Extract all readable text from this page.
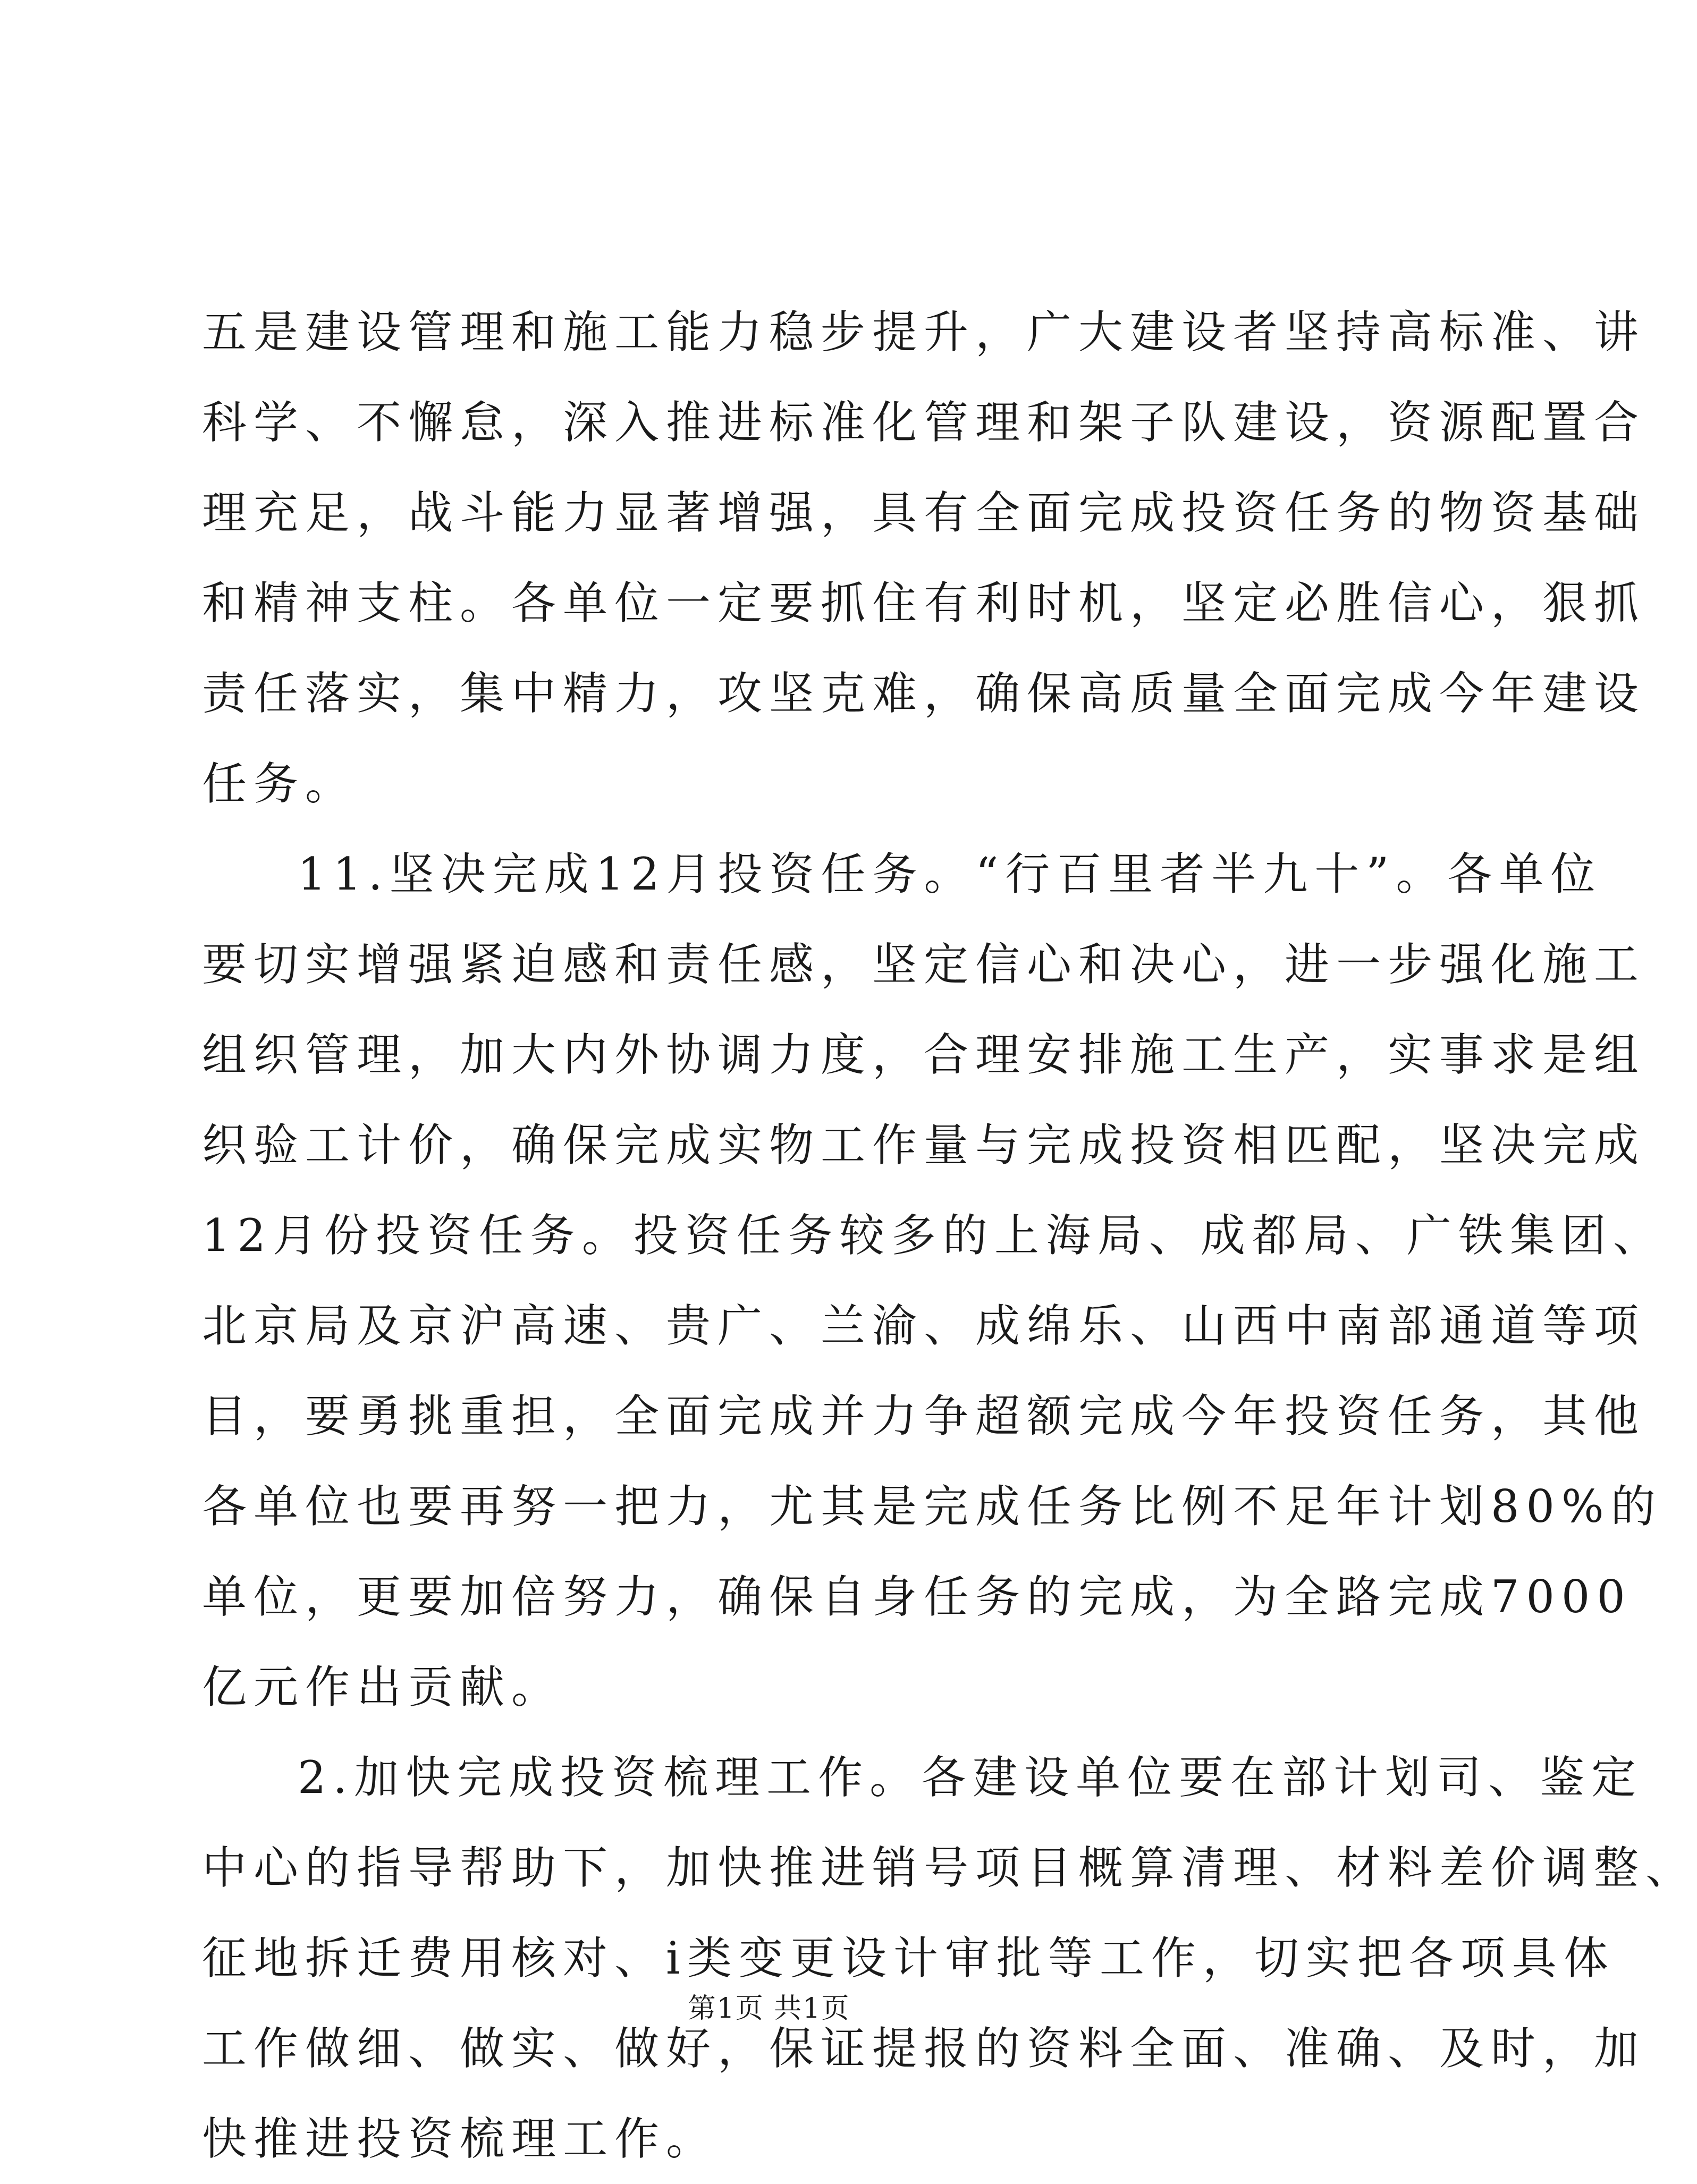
五是建设管理和施工能力稳步提升，广大建设者坚持高标准、讲
科学、不懈怠，深入推进标准化管理和架子队建设，资源配置合
理充足，战斗能力显著增强，具有全面完成投资任务的物资基础
和精神支柱。各单位一定要抓住有利时机，坚定必胜信心，狠抓
责任落实，集中精力，攻坚克难，确保高质量全面完成今年建设
任务。
11.坚决完成12月投资任务。“行百里者半九十”。各单位
要切实增强紧迫感和责任感，坚定信心和决心，进一步强化施工
组织管理，加大内外协调力度，合理安排施工生产，实事求是组
织验工计价，确保完成实物工作量与完成投资相匹配，坚决完成
12月份投资任务。投资任务较多的上海局、成都局、广铁集团、
北京局及京沪高速、贵广、兰渝、成绵乐、山西中南部通道等项
目，要勇挑重担，全面完成并力争超额完成今年投资任务，其他
各单位也要再努一把力，尤其是完成任务比例不足年计划80%的
单位，更要加倍努力，确保自身任务的完成，为全路完成7000
亿元作出贡献。
2.加快完成投资梳理工作。各建设单位要在部计划司、鉴定
中心的指导帮助下，加快推进销号项目概算清理、材料差价调整、
征地拆迁费用核对、i类变更设计审批等工作，切实把各项具体
工作做细、做实、做好，保证提报的资料全面、准确、及时，加
快推进投资梳理工作。
第1页 共1页
